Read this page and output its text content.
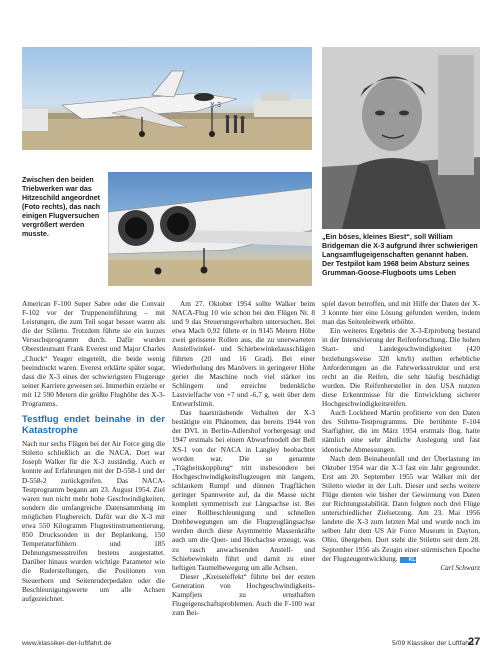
X-3
Zwischen den beiden Triebwerken war das Hitzeschild angeordnet (Foto rechts), das nach einigen Flugversuchen vergrößert werden musste.	„Ein böses, kleines Biest“, soll William Bridgeman die X-3 aufgrund ihrer schwierigen Langsamflugeigenschaften genannt haben. Der Testpilot kam 1968 beim Absturz seines Grumman-Goose-Flugboots ums Leben

American F-100 Super Sabre oder die Convair F-102 vor der Truppeneinführung – mit Leistungen, die zum Teil sogar besser waren als die der Stiletto. Trotzdem führte sie ein kurzes Versuchsprogramm durch. Dafür wurden Oberstleutnant Frank Everest und Major Charles „Chuck“ Yeager eingeteilt, die beide wenig beeindruckt waren. Everest erklärte später sogar, dass die X-3 eines der schwierigsten Flugzeuge seiner Karriere gewesen sei. Immerhin erzielte er mit 12 590 Metern die größte Flughöhe des X-3-Programms.

Testflug endet beinahe in der Katastrophe

Nach nur sechs Flügen bei der Air Force ging die Stiletto schließlich an die NACA. Dort war Joseph Walker für die X-3 zuständig. Auch er konnte auf Erfahrungen mit der D-558-1 und der D-558-2 zurückgreifen. Das NACA-Testprogramm begann am 23. August 1954. Ziel waren nun nicht mehr hohe Geschwindigkeiten, sondern die umfangreiche Datensammlung im möglichen Flugbereich. Dafür war die X-3 mit etwa 550 Kilogramm Flugtestinstrumentierung, 850 Drucksonden in der Beplankung, 150 Temperaturfühlern und 185 Dehnungsmessstreifen bestens ausgestattet. Darüber hinaus wurden wichtige Parameter wie die Ruderstellungen, die Positionen von Steuerhorn und Seitenruderpedalen oder die Beschleunigungswerte um alle Achsen aufgezeichnet.

Am 27. Oktober 1954 sollte Walker beim NACA-Flug 10 wie schon bei den Flügen Nr. 8 und 9 das Steuerungsverhalten untersuchen. Bei etwa Mach 0,92 führte er in 9145 Metern Höhe zwei gerissene Rollen aus, die zu unerwarteten Anstellwinkel- und Schiebewinkelausschlägen führten (20 und 16 Grad). Bei einer Wiederholung des Manövers in geringerer Höhe geriet die Maschine noch viel stärker ins Schlingern und erreichte bedenkliche Lastvielfache von +7 und -6,7 g, weit über dem Entwurfslimit.

Das haarsträubende Verhalten der X-3 bestätigte ein Phänomen, das bereits 1944 von der DVL in Berlin-Adlershof vorhergesagt und 1947 erstmals bei einem Abwurfmodell der Bell XS-1 von der NACA in Langley beobachtet worden war. Die so genannte „Trägheitskopplung“ tritt insbesondere bei Hochgeschwindigkeitsflugzeugen mit langem, schlankem Rumpf und dünnen Tragflächen geringer Spannweite auf, da die Masse nicht komplett symmetrisch zur Längsachse ist. Bei einer Rollbeschleunigung und schnellen Drehbewegungen um die Flugzeuglängsachse werden durch diese Asymmetrie Massenkräfte auch um die Quer- und Hochachse erzeugt, was zu rasch anwachsenden Anstell- und Schiebewinkeln führt und damit zu einer heftigen Taumelbewegung um alle Achsen.

Dieser „Kreiseleffekt“ führte bei der ersten Generation von Hochgeschwindigkeits-Kampfjets zu ernsthaften Flugeigenschaftsproblemen. Auch die F-100 war zum Bei-

spiel davon betroffen, und mit Hilfe der Daten der X-3 konnte hier eine Lösung gefunden werden, indem man das Seitenleitwerk erhöhte.

Ein weiteres Ergebnis der X-3-Erprobung bestand in der Intensivierung der Reifenforschung. Die hohen Start- und Landegeschwindigkeiten (420 hezlehungsweise 320 km/h) stellten erhebliche Anforderungen an die Fahrwerksstruktur und erst recht an die Reifen, die sehr häufig beschädigt wurden. Die Reifenhersteller in den USA nutzten diese Erkenntnisse für die Entwicklung sicherer Hochgeschwindigkeitsreifen.

Auch Lockheed Martin profitierte von den Daten des Stiletto-Testprogramms. Die berühmte F-104 Starfighter, die im März 1954 erstmals flog, hatte nämlich eine sehr ähnliche Auslegung und fast identische Abmessungen.

Nach dem Beinaheunfall und der Überlastung im Oktober 1954 war die X-3 fast ein Jahr gegroundet. Erst am 20. September 1955 war Walker mit der Stiletto wieder in der Luft. Dieser und sechs weitere Flüge dienten wie bisher der Gewinnung von Daten zur Richtungsstabilität. Dann folgten noch drei Flüge unterschiedlicher Zielsetzung. Am 23. Mai 1956 landete die X-3 zum letzten Mal und wurde noch im selben Jahr dem US Air Force Museum in Dayton, Ohio, übergeben. Dort steht die Stiletto seit dem 28. September 1956 als Zeugin einer stürmischen Epoche der Flugzeugentwicklung. KL

Carl Schwarz

www.klassiker-der-luftfahrt.de	5/09 Klassiker der Luftfahrt
27
